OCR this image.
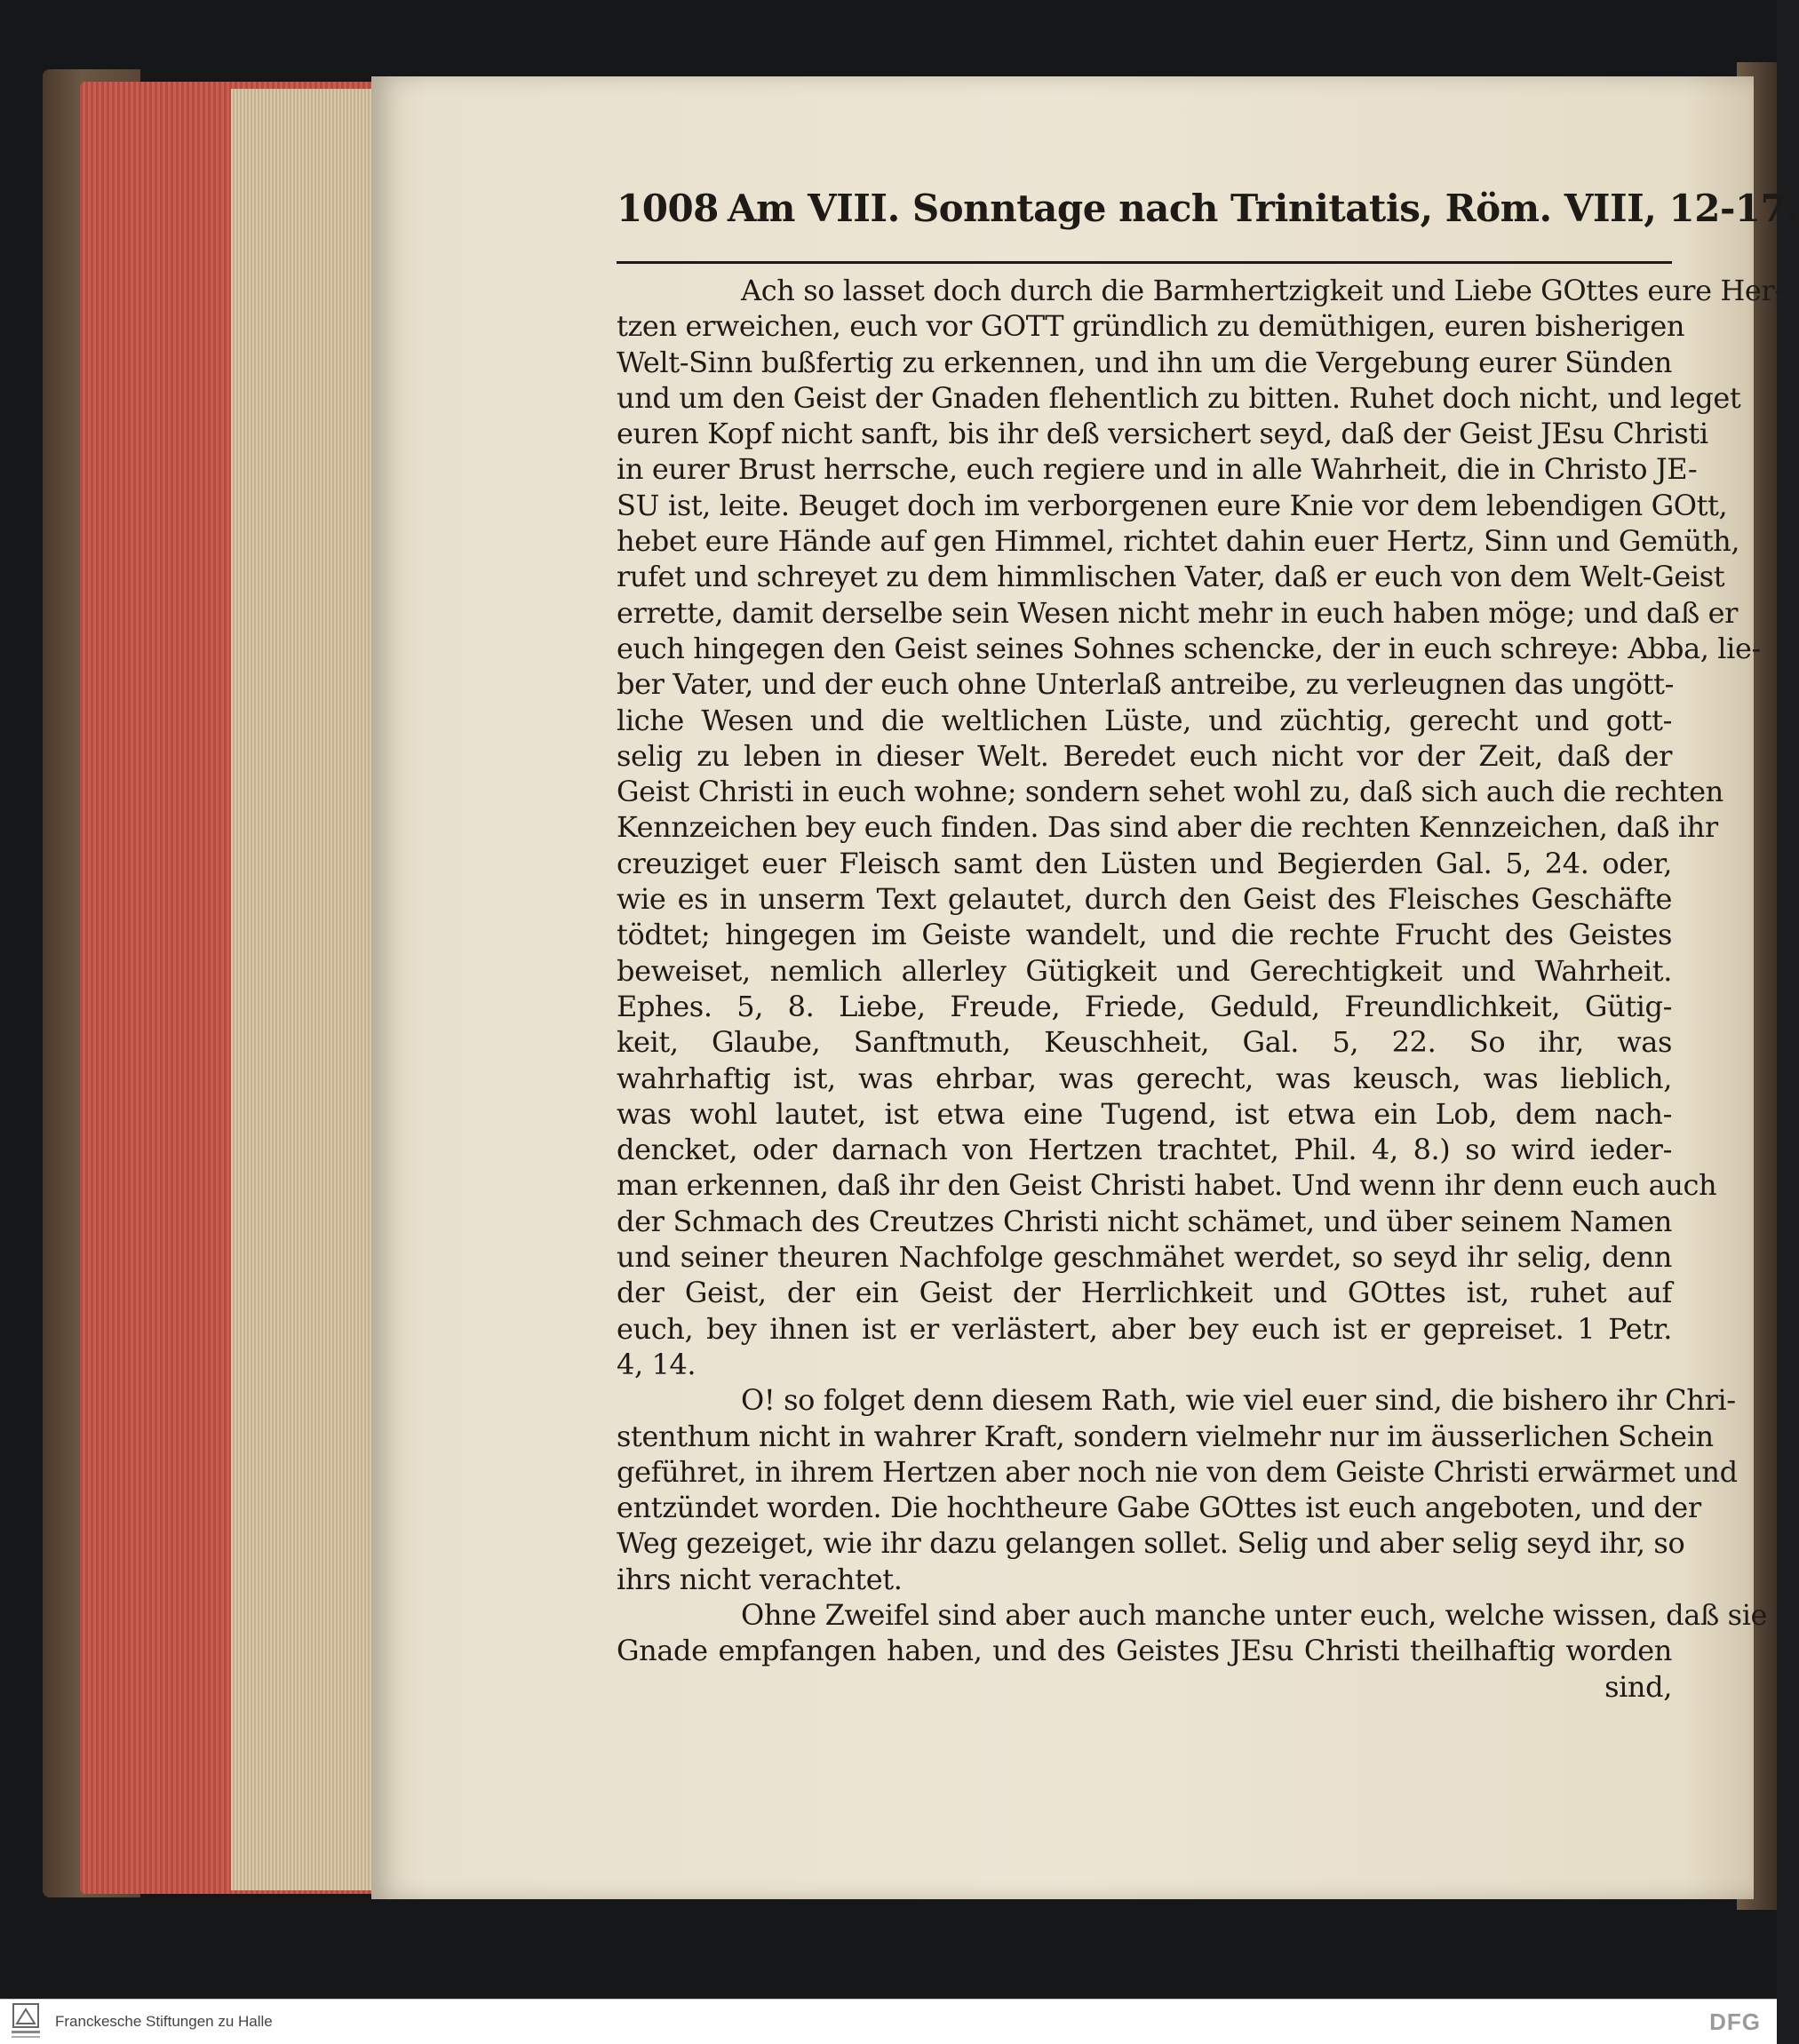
1008 Am VIII. Sonntage nach Trinitatis, Röm. VIII, 12-17.
Ach so lasset doch durch die Barmhertzigkeit und Liebe GOttes eure Her-
tzen erweichen, euch vor GOTT gründlich zu demüthigen, euren bisherigen
Welt-Sinn bußfertig zu erkennen, und ihn um die Vergebung eurer Sünden
und um den Geist der Gnaden flehentlich zu bitten. Ruhet doch nicht, und leget
euren Kopf nicht sanft, bis ihr deß versichert seyd, daß der Geist JEsu Christi
in eurer Brust herrsche, euch regiere und in alle Wahrheit, die in Christo JE-
SU ist, leite. Beuget doch im verborgenen eure Knie vor dem lebendigen GOtt,
hebet eure Hände auf gen Himmel, richtet dahin euer Hertz, Sinn und Gemüth,
rufet und schreyet zu dem himmlischen Vater, daß er euch von dem Welt-Geist
errette, damit derselbe sein Wesen nicht mehr in euch haben möge; und daß er
euch hingegen den Geist seines Sohnes schencke, der in euch schreye: Abba, lie-
ber Vater, und der euch ohne Unterlaß antreibe, zu verleugnen das ungött-
liche Wesen und die weltlichen Lüste, und züchtig, gerecht und gott-
selig zu leben in dieser Welt. Beredet euch nicht vor der Zeit, daß der
Geist Christi in euch wohne; sondern sehet wohl zu, daß sich auch die rechten
Kennzeichen bey euch finden. Das sind aber die rechten Kennzeichen, daß ihr
creuziget euer Fleisch samt den Lüsten und Begierden Gal. 5, 24. oder,
wie es in unserm Text gelautet, durch den Geist des Fleisches Geschäfte
tödtet; hingegen im Geiste wandelt, und die rechte Frucht des Geistes
beweiset, nemlich allerley Gütigkeit und Gerechtigkeit und Wahrheit.
Ephes. 5, 8. Liebe, Freude, Friede, Geduld, Freundlichkeit, Gütig-
keit, Glaube, Sanftmuth, Keuschheit, Gal. 5, 22. So ihr, was
wahrhaftig ist, was ehrbar, was gerecht, was keusch, was lieblich,
was wohl lautet, ist etwa eine Tugend, ist etwa ein Lob, dem nach-
dencket, oder darnach von Hertzen trachtet, Phil. 4, 8.) so wird ieder-
man erkennen, daß ihr den Geist Christi habet. Und wenn ihr denn euch auch
der Schmach des Creutzes Christi nicht schämet, und über seinem Namen
und seiner theuren Nachfolge geschmähet werdet, so seyd ihr selig, denn
der Geist, der ein Geist der Herrlichkeit und GOttes ist, ruhet auf
euch, bey ihnen ist er verlästert, aber bey euch ist er gepreiset. 1 Petr.
4, 14.
O! so folget denn diesem Rath, wie viel euer sind, die bishero ihr Chri-
stenthum nicht in wahrer Kraft, sondern vielmehr nur im äusserlichen Schein
geführet, in ihrem Hertzen aber noch nie von dem Geiste Christi erwärmet und
entzündet worden. Die hochtheure Gabe GOttes ist euch angeboten, und der
Weg gezeiget, wie ihr dazu gelangen sollet. Selig und aber selig seyd ihr, so
ihrs nicht verachtet.
Ohne Zweifel sind aber auch manche unter euch, welche wissen, daß sie
Gnade empfangen haben, und des Geistes JEsu Christi theilhaftig worden
sind,
Franckesche Stiftungen zu Halle	DFG
